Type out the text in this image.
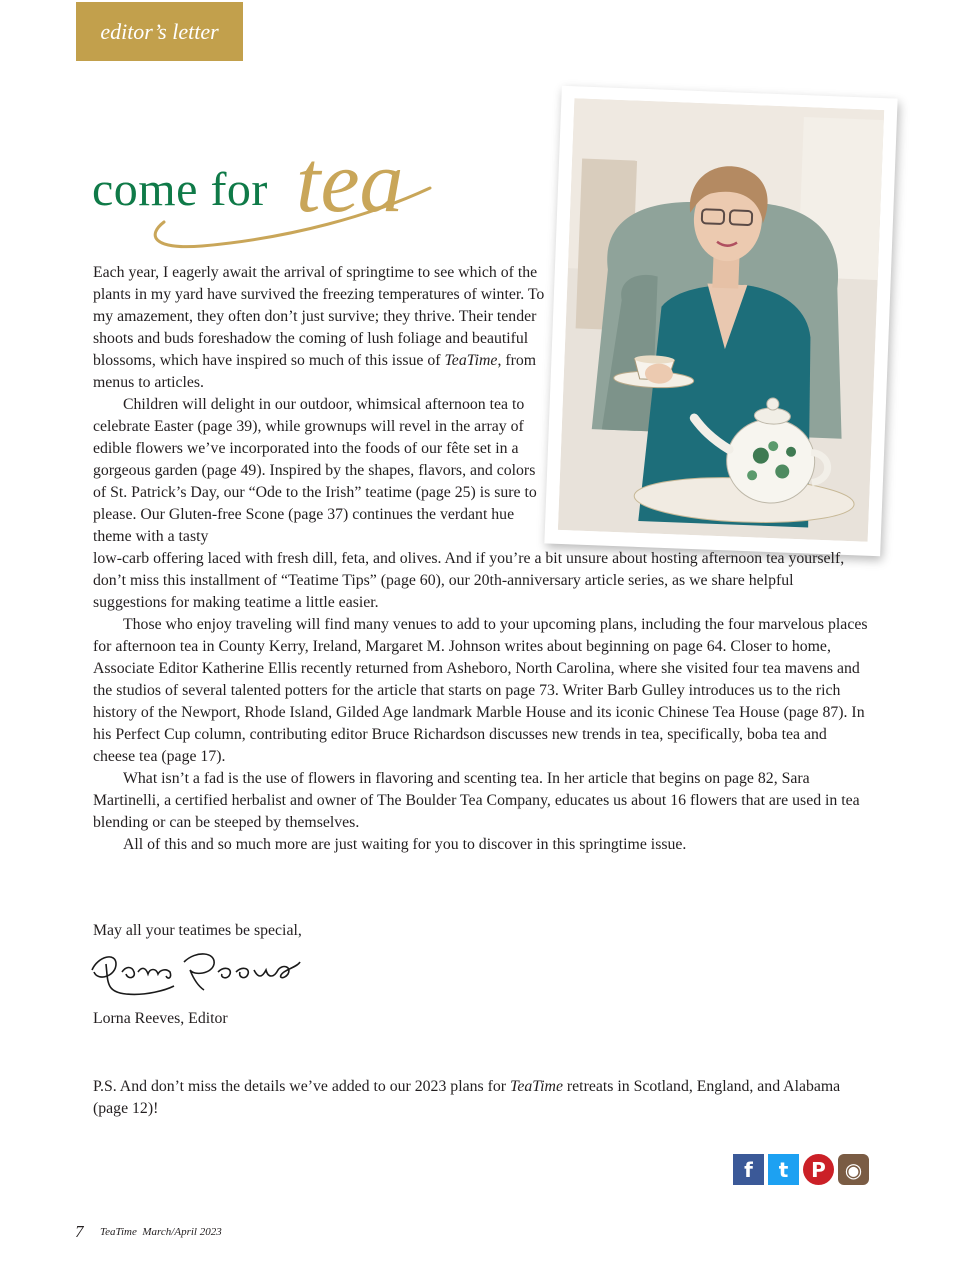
editor’s letter
come for tea

Each year, I eagerly await the arrival of springtime to see which of the plants in my yard have survived the freezing temperatures of winter. To my amazement, they often don’t just survive; they thrive. Their tender shoots and buds foreshadow the coming of lush foliage and beautiful blossoms, which have inspired so much of this issue of TeaTime, from menus to articles.

Children will delight in our outdoor, whimsical afternoon tea to celebrate Easter (page 39), while grownups will revel in the array of edible flowers we’ve incorporated into the foods of our fête set in a gorgeous garden (page 49). Inspired by the shapes, flavors, and colors of St. Patrick’s Day, our “Ode to the Irish” teatime (page 25) is sure to please. Our Gluten-free Scone (page 37) continues the verdant hue theme with a tasty

low-carb offering laced with fresh dill, feta, and olives. And if you’re a bit unsure about hosting afternoon tea yourself, don’t miss this installment of “Teatime Tips” (page 60), our 20th-anniversary article series, as we share helpful suggestions for making teatime a little easier.

Those who enjoy traveling will find many venues to add to your upcoming plans, including the four marvelous places for afternoon tea in County Kerry, Ireland, Margaret M. Johnson writes about beginning on page 64. Closer to home, Associate Editor Katherine Ellis recently returned from Asheboro, North Carolina, where she visited four tea mavens and the studios of several talented potters for the article that starts on page 73. Writer Barb Gulley introduces us to the rich history of the Newport, Rhode Island, Gilded Age landmark Marble House and its iconic Chinese Tea House (page 87). In his Perfect Cup column, contributing editor Bruce Richardson discusses new trends in tea, specifically, boba tea and cheese tea (page 17).

What isn’t a fad is the use of flowers in flavoring and scenting tea. In her article that begins on page 82, Sara Martinelli, a certified herbalist and owner of The Boulder Tea Company, educates us about 16 flowers that are used in tea blending or can be steeped by themselves.

All of this and so much more are just waiting for you to discover in this springtime issue.

May all your teatimes be special,
Lorna Reeves, Editor
P.S. And don’t miss the details we’ve added to our 2023 plans for TeaTime retreats in Scotland, England, and Alabama (page 12)!
f t P ◉
7 TeaTime March/April 2023
